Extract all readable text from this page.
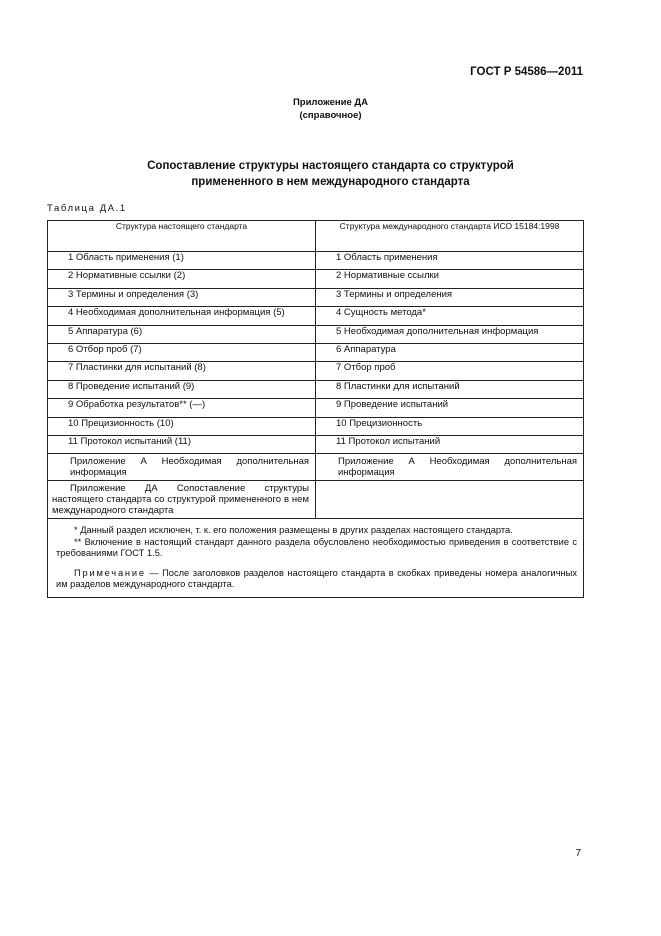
ГОСТ Р 54586—2011
Приложение ДА
(справочное)
Сопоставление структуры настоящего стандарта со структурой
примененного в нем международного стандарта
Таблица ДА.1
Структура настоящего стандарта	Структура международного стандарта ИСО 15184:1998
1 Область применения (1)	1 Область применения
2 Нормативные ссылки (2)	2 Нормативные ссылки
3 Термины и определения (3)	3 Термины и определения
4 Необходимая дополнительная информация (5)	4 Сущность метода*
5 Аппаратура (6)	5 Необходимая дополнительная информация
6 Отбор проб (7)	6 Аппаратура
7 Пластинки для испытаний (8)	7 Отбор проб
8 Проведение испытаний (9)	8 Пластинки для испытаний
9 Обработка результатов** (—)	9 Проведение испытаний
10 Прецизионность (10)	10 Прецизионность
11 Протокол испытаний (11)	11 Протокол испытаний
Приложение А Необходимая дополнительная информация	Приложение А Необходимая дополнительная информация
Приложение ДА Сопоставление структуры настоящего стандарта со структурой примененного в нем международного стандарта	

* Данный раздел исключен, т. к. его положения размещены в других разделах настоящего стандарта.
** Включение в настоящий стандарт данного раздела обусловлено необходимостью приведения в соответствие с требованиями ГОСТ 1.5.
Примечание — После заголовков разделов настоящего стандарта в скобках приведены номера аналогичных им разделов международного стандарта.	
7
